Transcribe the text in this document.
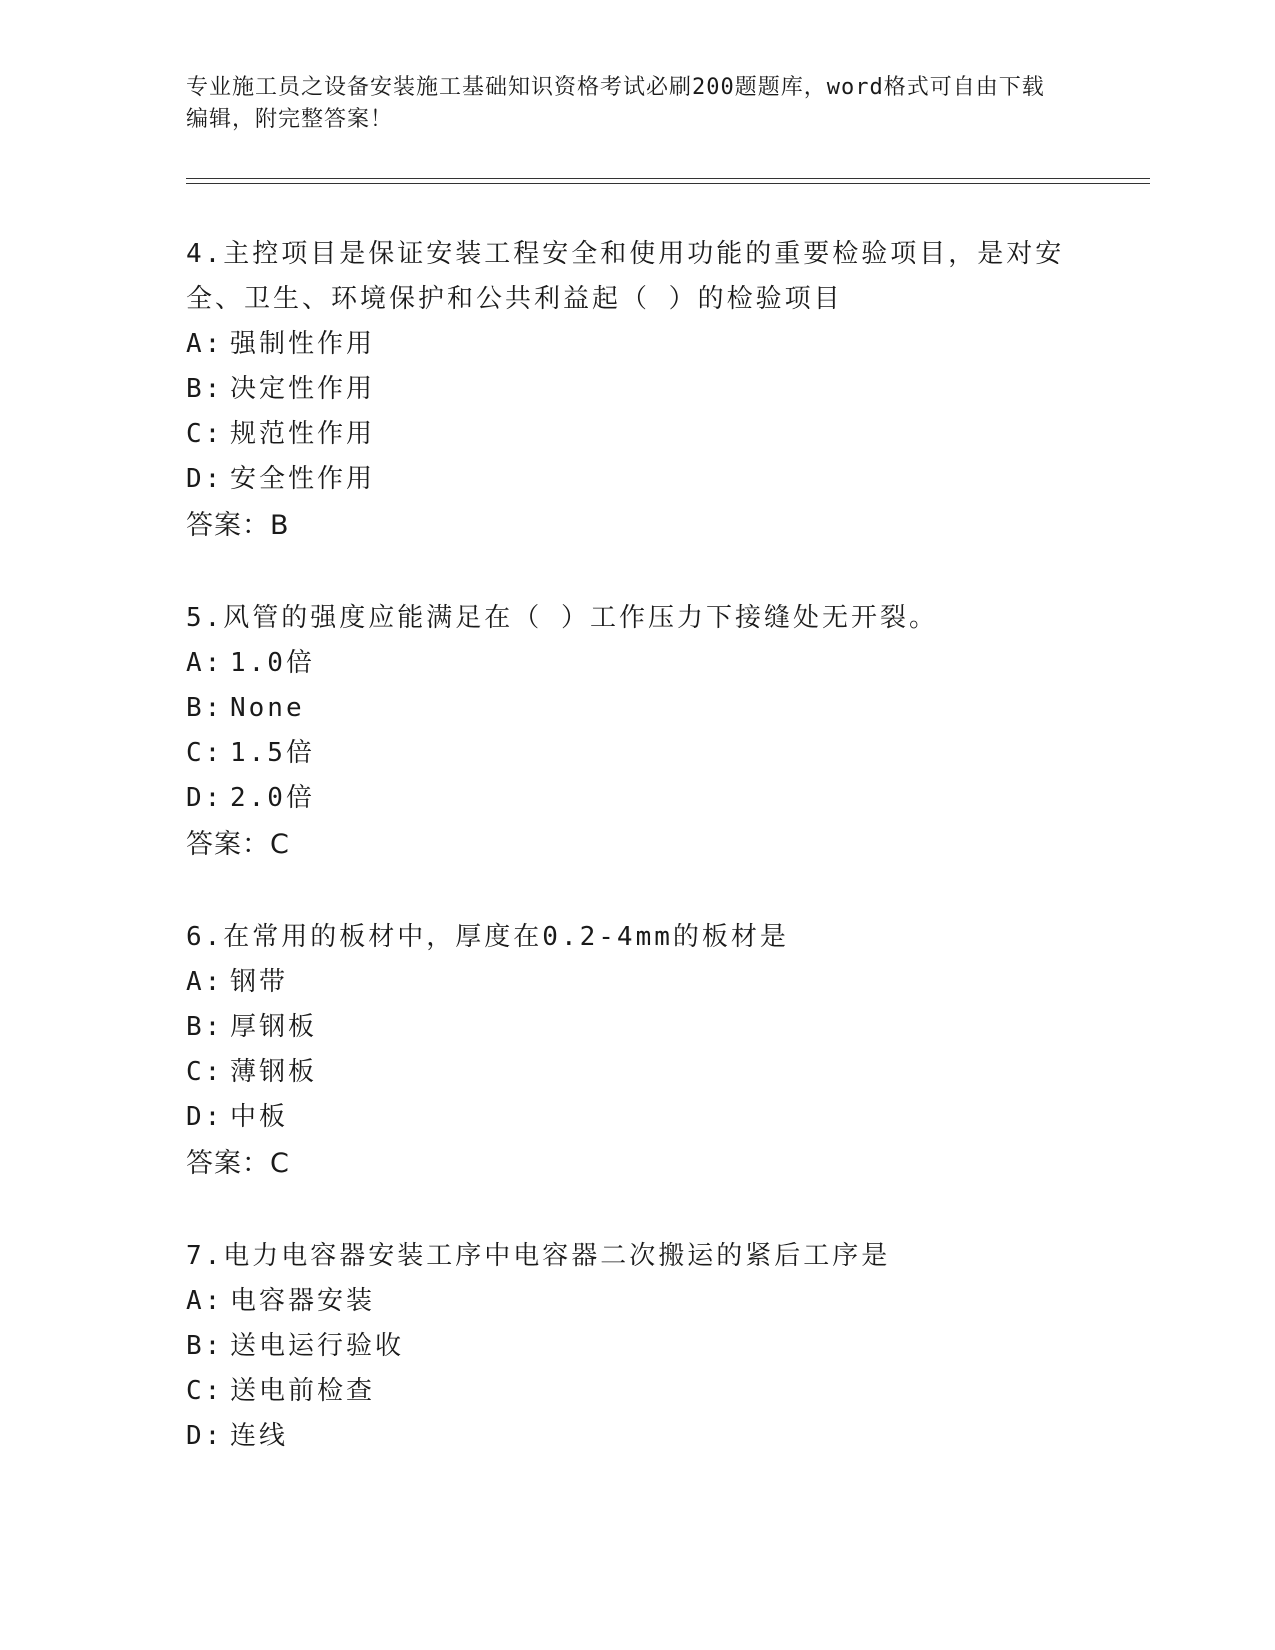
专业施工员之设备安装施工基础知识资格考试必刷200题题库，word格式可自由下载编辑，附完整答案！
4.主控项目是保证安装工程安全和使用功能的重要检验项目，是对安全、卫生、环境保护和公共利益起（ ）的检验项目
A: 强制性作用
B: 决定性作用
C: 规范性作用
D: 安全性作用
答案：B
5.风管的强度应能满足在（ ）工作压力下接缝处无开裂。
A: 1.0倍
B: None
C: 1.5倍
D: 2.0倍
答案：C
6.在常用的板材中，厚度在0.2-4mm的板材是
A: 钢带
B: 厚钢板
C: 薄钢板
D: 中板
答案：C
7.电力电容器安装工序中电容器二次搬运的紧后工序是
A: 电容器安装
B: 送电运行验收
C: 送电前检查
D: 连线
